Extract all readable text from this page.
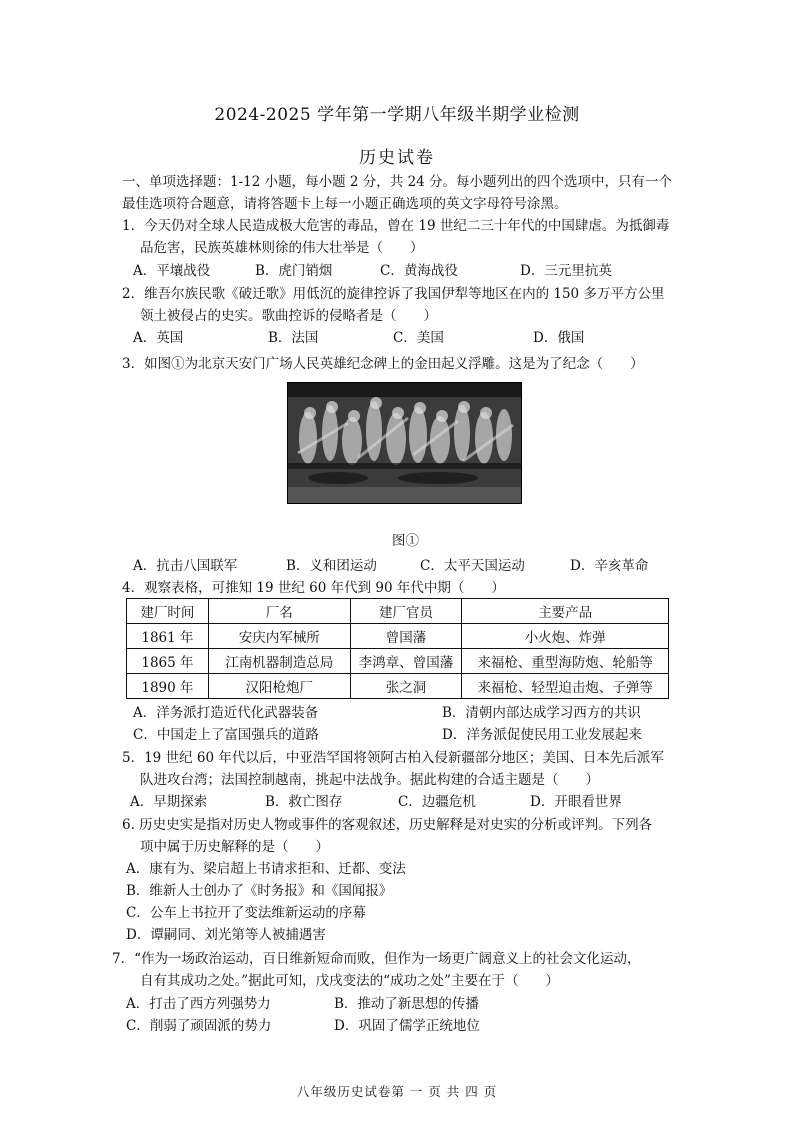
2024-2025 学年第一学期八年级半期学业检测
历史试卷
一、单项选择题：1-12 小题，每小题 2 分，共 24 分。每小题列出的四个选项中，只有一个
最佳选项符合题意，请将答题卡上每一小题正确选项的英文字母符号涂黑。
1．今天仍对全球人民造成极大危害的毒品，曾在 19 世纪二三十年代的中国肆虐。为抵御毒
品危害，民族英雄林则徐的伟大壮举是（　　）
A．平壤战役	B．虎门销烟	C．黄海战役	D．三元里抗英
2．维吾尔族民歌《破迁歌》用低沉的旋律控诉了我国伊犁等地区在内的 150 多万平方公里
领土被侵占的史实。歌曲控诉的侵略者是（　　）
A．英国	B．法国	C．美国	D．俄国
3．如图①为北京天安门广场人民英雄纪念碑上的金田起义浮雕。这是为了纪念（　　）
图①
A．抗击八国联军	B．义和团运动	C．太平天国运动	D．辛亥革命
4．观察表格，可推知 19 世纪 60 年代到 90 年代中期（　　）
建厂时间	厂名	建厂官员	主要产品
1861 年	安庆内军械所	曾国藩	小火炮、炸弹
1865 年	江南机器制造总局	李鸿章、曾国藩	来福枪、重型海防炮、轮船等
1890 年	汉阳枪炮厂	张之洞	来福枪、轻型迫击炮、子弹等
A．洋务派打造近代化武器装备	B．清朝内部达成学习西方的共识
C．中国走上了富国强兵的道路	D．洋务派促使民用工业发展起来
5．19 世纪 60 年代以后，中亚浩罕国将领阿古柏入侵新疆部分地区；美国、日本先后派军
队进攻台湾；法国控制越南，挑起中法战争。据此构建的合适主题是（　　）
A．早期探索	B．救亡图存	C．边疆危机	D．开眼看世界
6. 历史史实是指对历史人物或事件的客观叙述，历史解释是对史实的分析或评判。下列各
项中属于历史解释的是（　　）
A．康有为、梁启超上书请求拒和、迁都、变法
B．维新人士创办了《时务报》和《国闻报》
C．公车上书拉开了变法维新运动的序幕
D．谭嗣同、刘光第等人被捕遇害
7．“作为一场政治运动，百日维新短命而败，但作为一场更广阔意义上的社会文化运动，
自有其成功之处。”据此可知，戊戌变法的“成功之处”主要在于（　　）
A．打击了西方列强势力	B．推动了新思想的传播
C．削弱了顽固派的势力	D．巩固了儒学正统地位
八年级历史试卷第 一 页 共 四 页
